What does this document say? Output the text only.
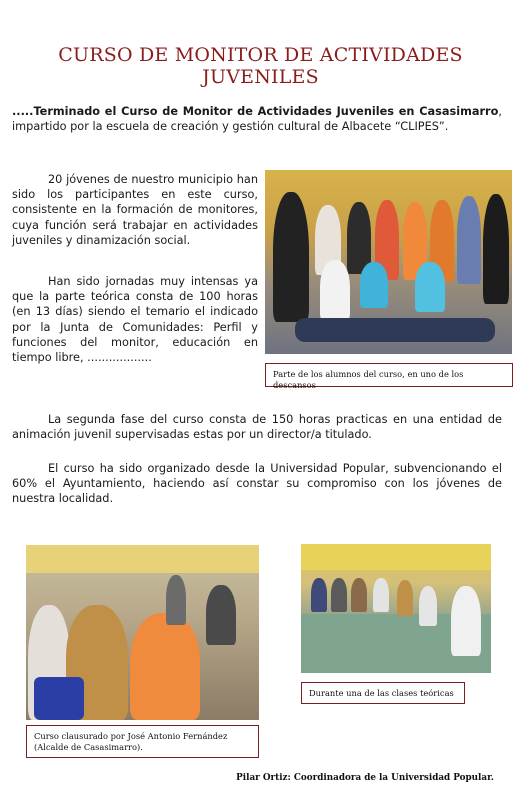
CURSO DE MONITOR DE ACTIVIDADES JUVENILES

.....Terminado el Curso de Monitor de Actividades Juveniles en Casasimarro, impartido por la escuela de creación y gestión cultural de Albacete “CLIPES”.

20 jóvenes de nuestro municipio han sido los participantes en este curso, consistente en la formación de monitores, cuya función será trabajar en actividades juveniles y dinamización social.

Han sido jornadas muy intensas ya que la parte teórica consta de 100 horas (en 13 días) siendo el temario el indicado por la Junta de Comunidades: Perfil y funciones del monitor, educación en tiempo libre, ..................

Parte de los alumnos del curso, en uno de los descansos

La segunda fase del curso consta de 150 horas practicas en una entidad de animación juvenil supervisadas estas por un director/a titulado.

El curso ha sido organizado desde la Universidad Popular, subvencionando el 60% el Ayuntamiento, haciendo así constar su compromiso con los jóvenes de nuestra localidad.

Curso clausurado por José Antonio Fernández (Alcalde de Casasimarro).
Durante una de las clases teóricas
Pilar Ortiz: Coordinadora de la Universidad Popular.
